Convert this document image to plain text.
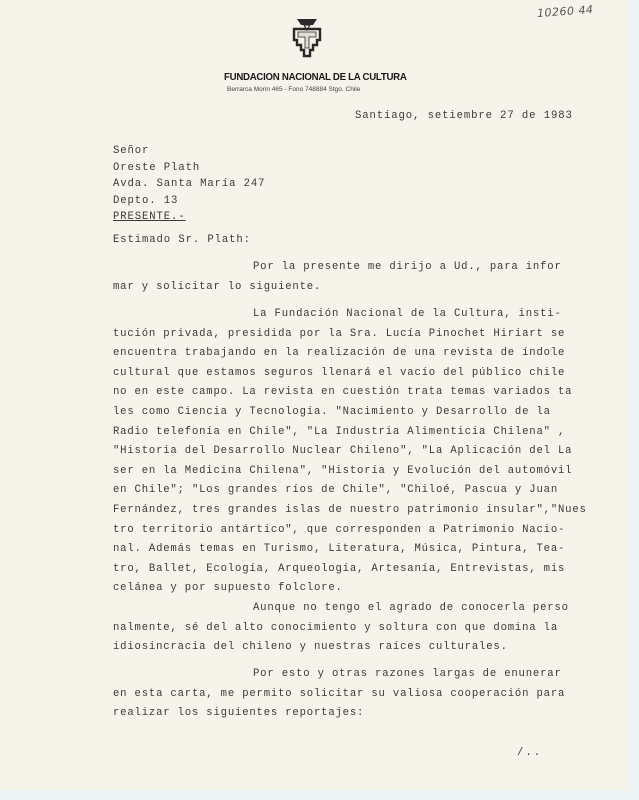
10260 44
FUNDACION NACIONAL DE LA CULTURA
Berrarca Morin 465 - Fono 748884 Stgo. Chile
Santiago, setiembre 27 de 1983
Señor
Oreste Plath
Avda. Santa María 247
Depto. 13
PRESENTE.-
Estimado Sr. Plath:
Por la presente me dirijo a Ud., para infor
mar y solicitar lo siguiente.
La Fundación Nacional de la Cultura, insti-
tución privada, presidida por la Sra. Lucía Pinochet Hiriart se
encuentra trabajando en la realización de una revista de índole
cultural que estamos seguros llenará el vacío del público chile
no en este campo. La revista en cuestión trata temas variados ta
les como Ciencia y Tecnología. "Nacimiento y Desarrollo de la
Radio telefonía en Chile", "La Industria Alimenticia Chilena" ,
"Historia del Desarrollo Nuclear Chileno", "La Aplicación del La
ser en la Medicina Chilena", "Historia y Evolución del automóvil
en Chile"; "Los grandes ríos de Chile", "Chiloé, Pascua y Juan
Fernández, tres grandes islas de nuestro patrimonio insular","Nues
tro territorio antártico", que corresponden a Patrimonio Nacio-
nal. Además temas en Turismo, Literatura, Música, Pintura, Tea-
tro, Ballet, Ecología, Arqueología, Artesanía, Entrevistas, mis
celánea y por supuesto folclore.
Aunque no tengo el agrado de conocerla perso
nalmente, sé del alto conocimiento y soltura con que domina la
idiosincracia del chileno y nuestras raíces culturales.
Por esto y otras razones largas de enunerar
en esta carta, me permito solicitar su valiosa cooperación para
realizar los siguientes reportajes:
/..
